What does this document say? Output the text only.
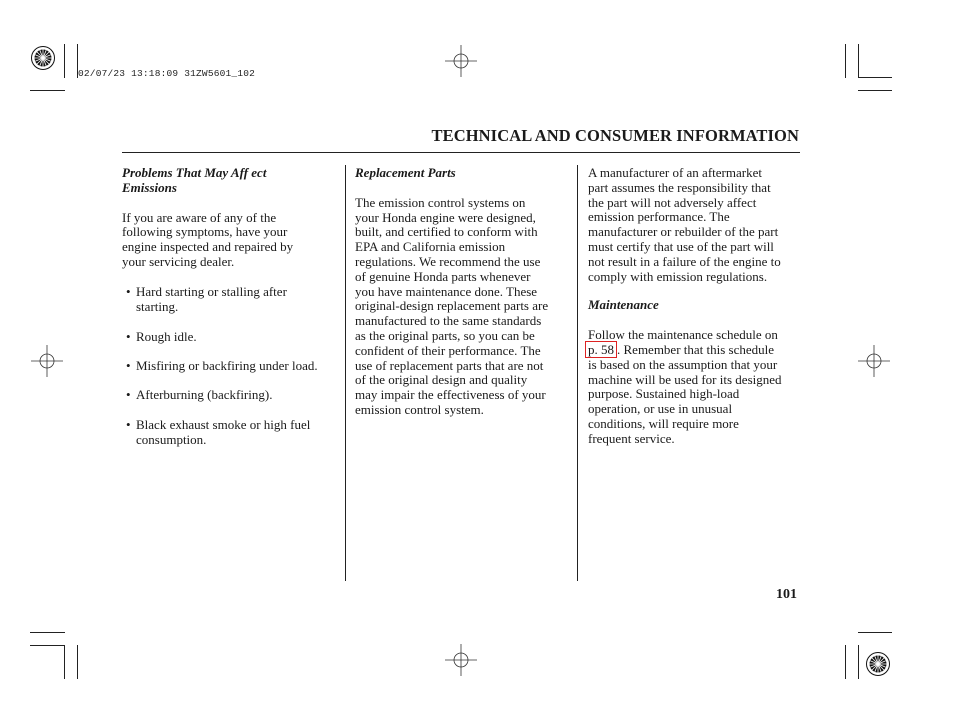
02/07/23 13:18:09 31ZW5601_102
TECHNICAL AND CONSUMER INFORMATION
Problems That May Aff ect
Emissions

If you are aware of any of the
following symptoms, have your
engine inspected and repaired by
your servicing dealer.

• Hard starting or stalling after
starting.
• Rough idle.
• Misfiring or backfiring under load.
• Afterburning (backfiring).
• Black exhaust smoke or high fuel
consumption.
Replacement Parts

The emission control systems on
your Honda engine were designed,
built, and certified to conform with
EPA and California emission
regulations. We recommend the use
of genuine Honda parts whenever
you have maintenance done. These
original-design replacement parts are
manufactured to the same standards
as the original parts, so you can be
confident of their performance. The
use of replacement parts that are not
of the original design and quality
may impair the effectiveness of your
emission control system.

A manufacturer of an aftermarket
part assumes the responsibility that
the part will not adversely affect
emission performance. The
manufacturer or rebuilder of the part
must certify that use of the part will
not result in a failure of the engine to
comply with emission regulations.

Maintenance

Follow the maintenance schedule on
p. 58 . Remember that this schedule
is based on the assumption that your
machine will be used for its designed
purpose. Sustained high-load
operation, or use in unusual
conditions, will require more
frequent service.

101
